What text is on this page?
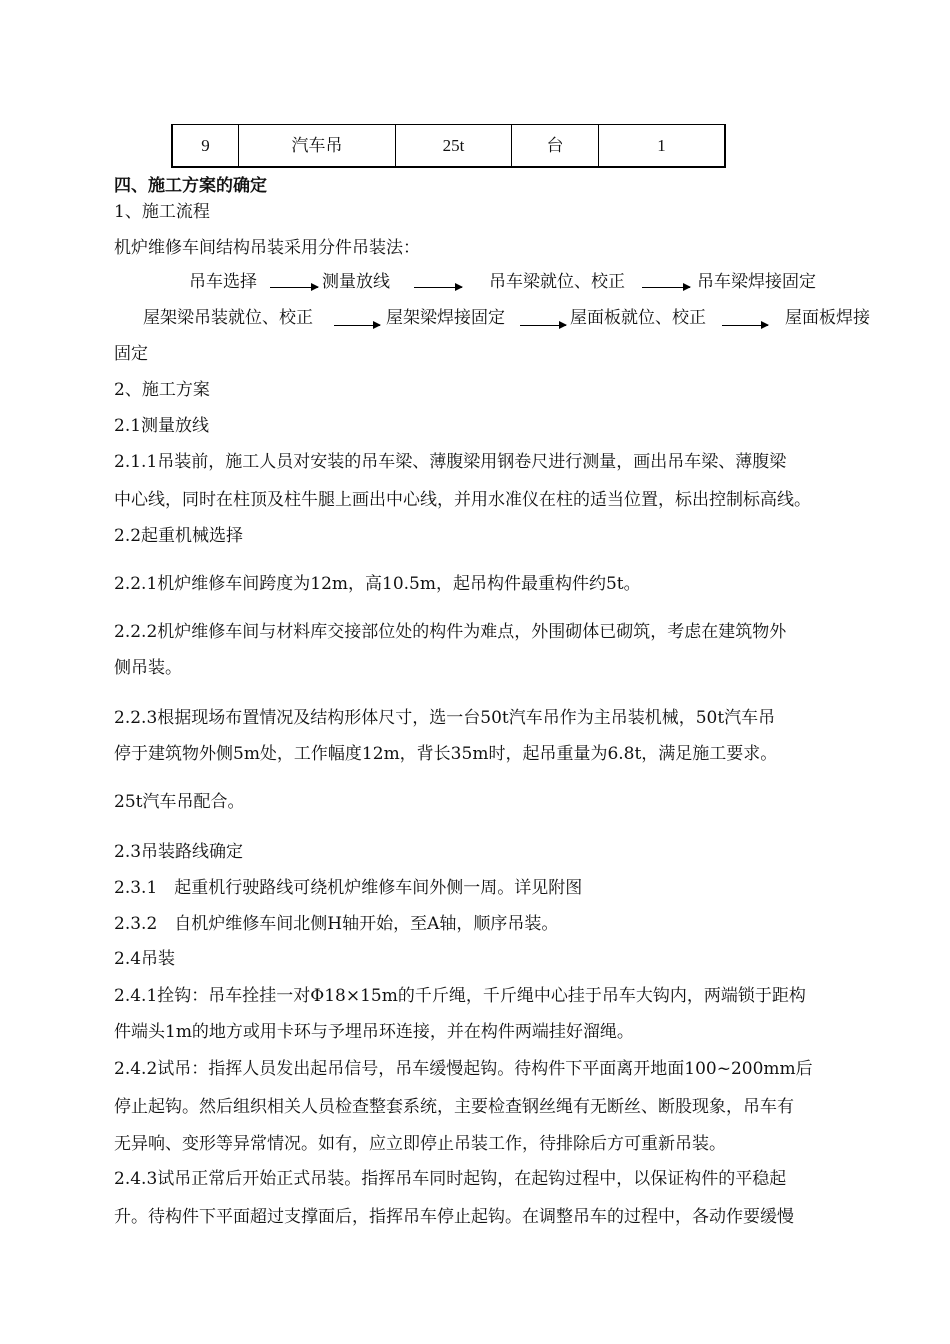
9	汽车吊	25t	台	1
四、施工方案的确定
1、施工流程
机炉维修车间结构吊装采用分件吊装法：
吊车选择	测量放线	吊车梁就位、校正	吊车梁焊接固定
屋架梁吊装就位、校正	屋架梁焊接固定	屋面板就位、校正	屋面板焊接
固定
2、施工方案
2.1测量放线
2.1.1吊装前，施工人员对安装的吊车梁、薄腹梁用钢卷尺进行测量，画出吊车梁、薄腹梁
中心线，同时在柱顶及柱牛腿上画出中心线，并用水准仪在柱的适当位置，标出控制标高线。
2.2起重机械选择
2.2.1机炉维修车间跨度为12m，高10.5m，起吊构件最重构件约5t。
2.2.2机炉维修车间与材料库交接部位处的构件为难点，外围砌体已砌筑，考虑在建筑物外
侧吊装。
2.2.3根据现场布置情况及结构形体尺寸，选一台50t汽车吊作为主吊装机械，50t汽车吊
停于建筑物外侧5m处，工作幅度12m，背长35m时，起吊重量为6.8t，满足施工要求。
25t汽车吊配合。
2.3吊装路线确定
2.3.1　起重机行驶路线可绕机炉维修车间外侧一周。详见附图
2.3.2　自机炉维修车间北侧H轴开始，至A轴，顺序吊装。
2.4吊装
2.4.1拴钩：吊车拴挂一对Φ18×15m的千斤绳，千斤绳中心挂于吊车大钩内，两端锁于距构
件端头1m的地方或用卡环与予埋吊环连接，并在构件两端挂好溜绳。
2.4.2试吊：指挥人员发出起吊信号，吊车缓慢起钩。待构件下平面离开地面100~200mm后
停止起钩。然后组织相关人员检查整套系统，主要检查钢丝绳有无断丝、断股现象，吊车有
无异响、变形等异常情况。如有，应立即停止吊装工作，待排除后方可重新吊装。
2.4.3试吊正常后开始正式吊装。指挥吊车同时起钩，在起钩过程中，以保证构件的平稳起
升。待构件下平面超过支撑面后，指挥吊车停止起钩。在调整吊车的过程中，各动作要缓慢
